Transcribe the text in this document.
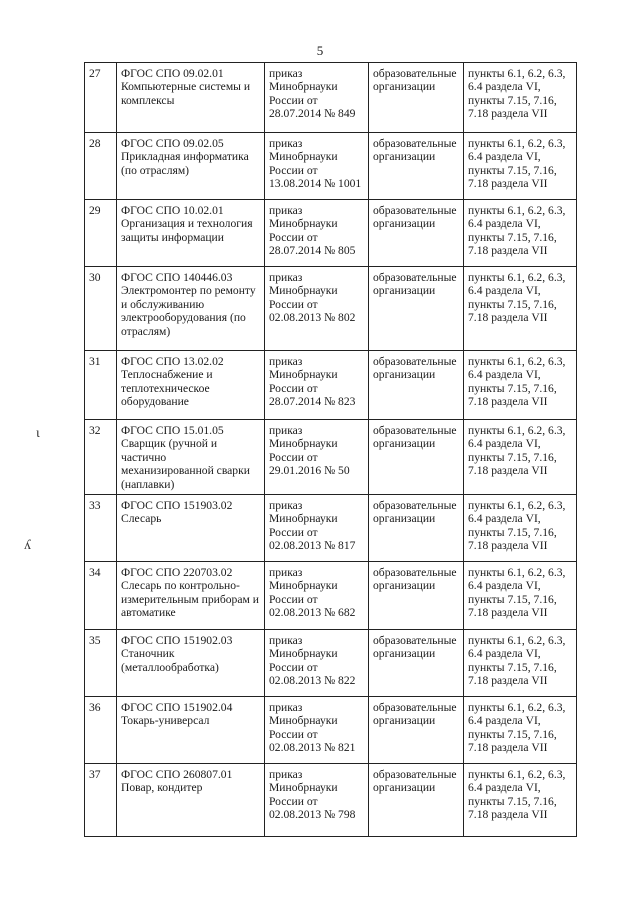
5
ɩ
ʎ
27	ФГОС СПО 09.02.01 Компьютерные системы и комплексы	приказ Минобрнауки России от 28.07.2014 № 849	образовательные организации	пункты 6.1, 6.2, 6.3, 6.4 раздела VI, пункты 7.15, 7.16, 7.18 раздела VII
28	ФГОС СПО 09.02.05 Прикладная информатика (по отраслям)	приказ Минобрнауки России от 13.08.2014 № 1001	образовательные организации	пункты 6.1, 6.2, 6.3, 6.4 раздела VI, пункты 7.15, 7.16, 7.18 раздела VII
29	ФГОС СПО 10.02.01 Организация и технология защиты информации	приказ Минобрнауки России от 28.07.2014 № 805	образовательные организации	пункты 6.1, 6.2, 6.3, 6.4 раздела VI, пункты 7.15, 7.16, 7.18 раздела VII
30	ФГОС СПО 140446.03 Электромонтер по ремонту и обслуживанию электрооборудования (по отраслям)	приказ Минобрнауки России от 02.08.2013 № 802	образовательные организации	пункты 6.1, 6.2, 6.3, 6.4 раздела VI, пункты 7.15, 7.16, 7.18 раздела VII
31	ФГОС СПО 13.02.02 Теплоснабжение и теплотехническое оборудование	приказ Минобрнауки России от 28.07.2014 № 823	образовательные организации	пункты 6.1, 6.2, 6.3, 6.4 раздела VI, пункты 7.15, 7.16, 7.18 раздела VII
32	ФГОС СПО 15.01.05 Сварщик (ручной и частично механизированной сварки (наплавки)	приказ Минобрнауки России от 29.01.2016 № 50	образовательные организации	пункты 6.1, 6.2, 6.3, 6.4 раздела VI, пункты 7.15, 7.16, 7.18 раздела VII
33	ФГОС СПО 151903.02 Слесарь	приказ Минобрнауки России от 02.08.2013 № 817	образовательные организации	пункты 6.1, 6.2, 6.3, 6.4 раздела VI, пункты 7.15, 7.16, 7.18 раздела VII
34	ФГОС СПО 220703.02 Слесарь по контрольно-измерительным приборам и автоматике	приказ Минобрнауки России от 02.08.2013 № 682	образовательные организации	пункты 6.1, 6.2, 6.3, 6.4 раздела VI, пункты 7.15, 7.16, 7.18 раздела VII
35	ФГОС СПО 151902.03 Станочник (металлообработка)	приказ Минобрнауки России от 02.08.2013 № 822	образовательные организации	пункты 6.1, 6.2, 6.3, 6.4 раздела VI, пункты 7.15, 7.16, 7.18 раздела VII
36	ФГОС СПО 151902.04 Токарь-универсал	приказ Минобрнауки России от 02.08.2013 № 821	образовательные организации	пункты 6.1, 6.2, 6.3, 6.4 раздела VI, пункты 7.15, 7.16, 7.18 раздела VII
37	ФГОС СПО 260807.01 Повар, кондитер	приказ Минобрнауки России от 02.08.2013 № 798	образовательные организации	пункты 6.1, 6.2, 6.3, 6.4 раздела VI, пункты 7.15, 7.16, 7.18 раздела VII
